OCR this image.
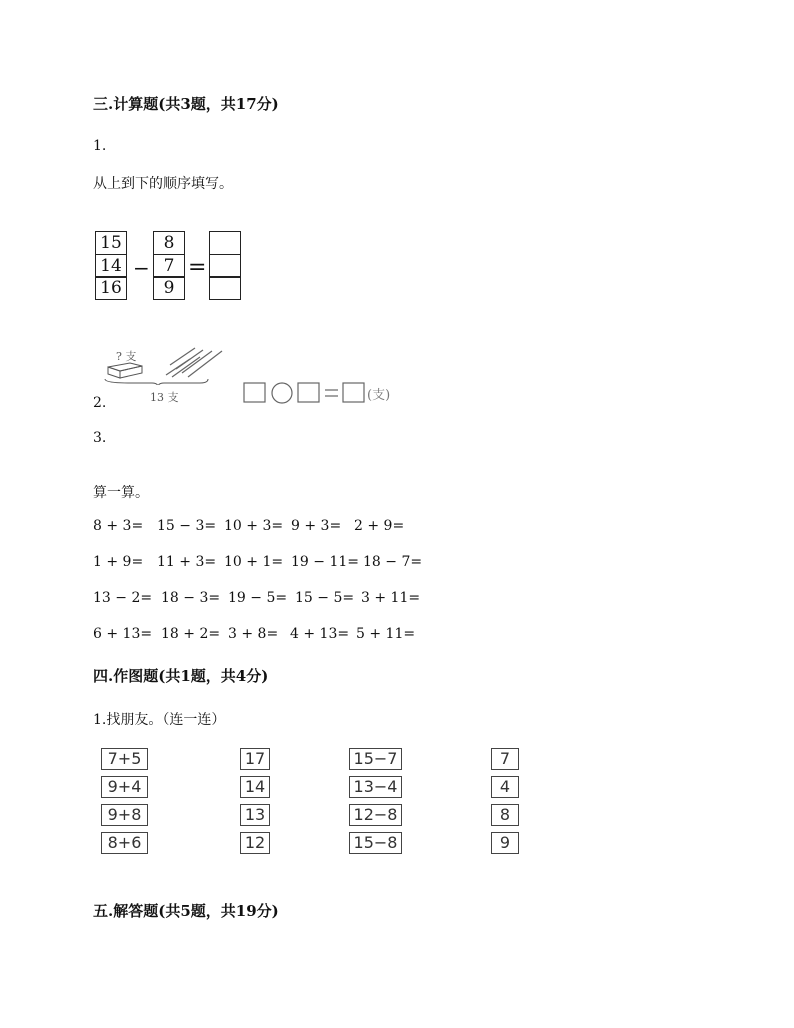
三.计算题(共3题，共17分)
1.
从上到下的顺序填写。
15
14
16
−
8
7
9
=
2.
? 支
13 支	(支)
3.
算一算。
8 + 3= 15 − 3= 10 + 3= 9 + 3= 2 + 9=
1 + 9= 11 + 3= 10 + 1= 19 − 11= 18 − 7=
13 − 2= 18 − 3= 19 − 5= 15 − 5= 3 + 11=
6 + 13= 18 + 2= 3 + 8= 4 + 13= 5 + 11=
四.作图题(共1题，共4分)
1.找朋友。（连一连）
7+5
9+4
9+8
8+6
17
14
13
12
15−7
13−4
12−8
15−8
7
4
8
9
五.解答题(共5题，共19分)
